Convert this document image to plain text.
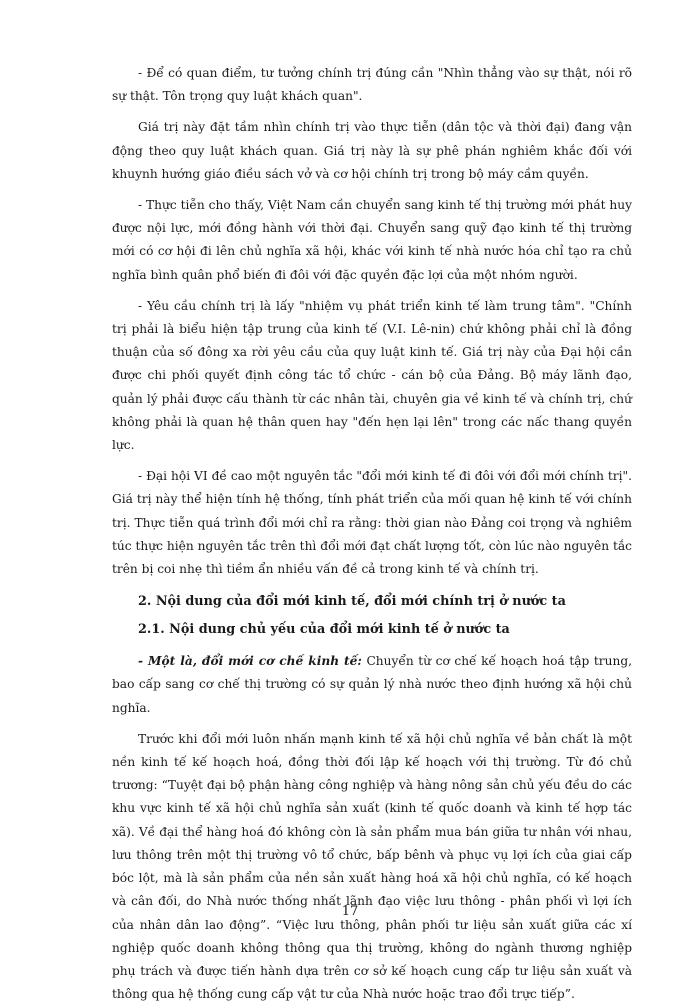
- Để có quan điểm, tư tưởng chính trị đúng cần "Nhìn thẳng vào sự thật, nói rõ sự thật. Tôn trọng quy luật khách quan".

Giá trị này đặt tầm nhìn chính trị vào thực tiễn (dân tộc và thời đại) đang vận động theo quy luật khách quan. Giá trị này là sự phê phán nghiêm khắc đối với khuynh hướng giáo điều sách vở và cơ hội chính trị trong bộ máy cầm quyền.

- Thực tiễn cho thấy, Việt Nam cần chuyển sang kinh tế thị trường mới phát huy được nội lực, mới đồng hành với thời đại. Chuyển sang quỹ đạo kinh tế thị trường mới có cơ hội đi lên chủ nghĩa xã hội, khác với kinh tế nhà nước hóa chỉ tạo ra chủ nghĩa bình quân phổ biến đi đôi với đặc quyền đặc lợi của một nhóm người.

- Yêu cầu chính trị là lấy "nhiệm vụ phát triển kinh tế làm trung tâm". "Chính trị phải là biểu hiện tập trung của kinh tế (V.I. Lê-nin) chứ không phải chỉ là đồng thuận của số đông xa rời yêu cầu của quy luật kinh tế. Giá trị này của Đại hội cần được chi phối quyết định công tác tổ chức - cán bộ của Đảng. Bộ máy lãnh đạo, quản lý phải được cấu thành từ các nhân tài, chuyên gia về kinh tế và chính trị, chứ không phải là quan hệ thân quen hay "đến hẹn lại lên" trong các nấc thang quyền lực.

- Đại hội VI đề cao một nguyên tắc "đổi mới kinh tế đi đôi với đổi mới chính trị". Giá trị này thể hiện tính hệ thống, tính phát triển của mối quan hệ kinh tế với chính trị. Thực tiễn quá trình đổi mới chỉ ra rằng: thời gian nào Đảng coi trọng và nghiêm túc thực hiện nguyên tắc trên thì đổi mới đạt chất lượng tốt, còn lúc nào nguyên tắc trên bị coi nhẹ thì tiềm ẩn nhiều vấn đề cả trong kinh tế và chính trị.

2. Nội dung của đổi mới kinh tế, đổi mới chính trị ở nước ta
2.1. Nội dung chủ yếu của đổi mới kinh tế ở nước ta

- Một là, đổi mới cơ chế kinh tế: Chuyển từ cơ chế kế hoạch hoá tập trung, bao cấp sang cơ chế thị trường có sự quản lý nhà nước theo định hướng xã hội chủ nghĩa.

Trước khi đổi mới luôn nhấn mạnh kinh tế xã hội chủ nghĩa về bản chất là một nền kinh tế kế hoạch hoá, đồng thời đối lập kế hoạch với thị trường. Từ đó chủ trương: “Tuyệt đại bộ phận hàng công nghiệp và hàng nông sản chủ yếu đều do các khu vực kinh tế xã hội chủ nghĩa sản xuất (kinh tế quốc doanh và kinh tế hợp tác xã). Về đại thể hàng hoá đó không còn là sản phẩm mua bán giữa tư nhân với nhau, lưu thông trên một thị trường vô tổ chức, bấp bênh và phục vụ lợi ích của giai cấp bóc lột, mà là sản phẩm của nền sản xuất hàng hoá xã hội chủ nghĩa, có kế hoạch và cân đối, do Nhà nước thống nhất lãnh đạo việc lưu thông - phân phối vì lợi ích của nhân dân lao động”. “Việc lưu thông, phân phối tư liệu sản xuất giữa các xí nghiệp quốc doanh không thông qua thị trường, không do ngành thương nghiệp phụ trách và được tiến hành dựa trên cơ sở kế hoạch cung cấp tư liệu sản xuất và thông qua hệ thống cung cấp vật tư của Nhà nước hoặc trao đổi trực tiếp”.

17
